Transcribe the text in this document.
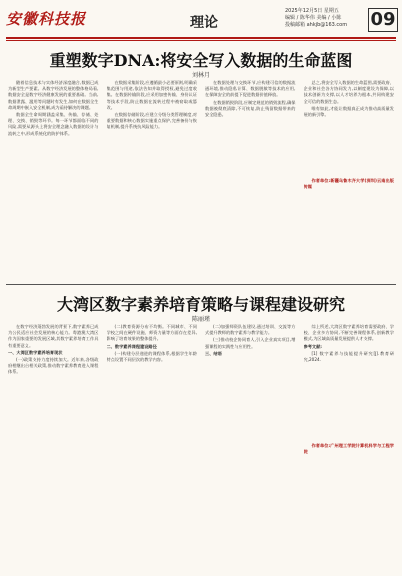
安徽科技报	理论
2025年12月5日 星期五
编辑 / 陈华伟 美编 / 小陈
投稿邮箱 ahkjb@163.com 09
重塑数字DNA:将安全写入数据的生命蓝图
刘林月

随着信息技术与实体经济深度融合,数据已成为新型生产要素。从数字经济发展的整体格局看,数据安全是数字经济健康发展的重要基础。当前,数据泄露、滥用等问题时有发生,如何在数据全生命周期中嵌入安全机制,成为亟待解决的课题。

数据全生命周期涵盖采集、传输、存储、处理、交换、销毁等环节。每一环节都面临不同的风险,需要从源头上将安全理念融入数据的设计与流转之中,形成系统化的防护体系。

在数据采集阶段,应遵循最小必要原则,明确采集范围与用途,依法告知并取得授权,避免过度收集。在数据传输阶段,应采用加密传输、身份认证等技术手段,防止数据在流转过程中被窃取或篡改。

在数据存储阶段,应建立分级分类管理制度,对重要数据和核心数据实施重点保护,完善备份与恢复机制,提升系统抗风险能力。

在数据处理与交换环节,应构建可信的数据流通环境,推动隐私计算、数据脱敏等技术的应用,在保障安全的前提下促进数据价值释放。

在数据销毁阶段,应制定规范的销毁流程,确保数据被彻底清除,不可恢复,防止残留数据带来的安全隐患。

总之,将安全写入数据的生命蓝图,需要政府、企业和社会各方协同发力,以制度建设为保障,以技术创新为支撑,以人才培养为根本,共同构建安全可信的数据生态。

唯有如此,才能让数据真正成为推动高质量发展的新引擎。

作者单位:新疆乌鲁木齐大学(深圳)云南出版传媒

大湾区数字素养培育策略与课程建设研究
陈丽瑾

在数字经济蓬勃发展的背景下,数字素养已成为公民适应社会发展的核心能力。粤港澳大湾区作为国家重要的发展区域,其数字素养培育工作具有重要意义。

一、大湾区数字素养培育现状

(一)政策支持力度持续加大。近年来,各级政府相继出台相关政策,推动数字素养教育进入课程体系。

(二)教育资源分布不均衡。不同城市、不同学校之间在硬件设施、师资力量等方面存在差异,影响了培育效果的整体提升。

二、数字素养课程建设路径

(一)构建分层递进的课程体系,根据学生年龄特点设置不同层次的教学内容。

(二)加强师资队伍建设,通过培训、交流等方式提升教师的数字素养与教学能力。

(三)推动校企协同育人,引入企业真实项目,增强课程的实践性与应用性。

三、结语

综上所述,大湾区数字素养培育需要政府、学校、企业多方协同,不断完善课程体系,创新教学模式,为区域高质量发展提供人才支撑。

参考文献:

[1] 数字素养与技能提升研究[J].教育研究,2024.

作者单位:广州理工学院计算机科学与工程学院
